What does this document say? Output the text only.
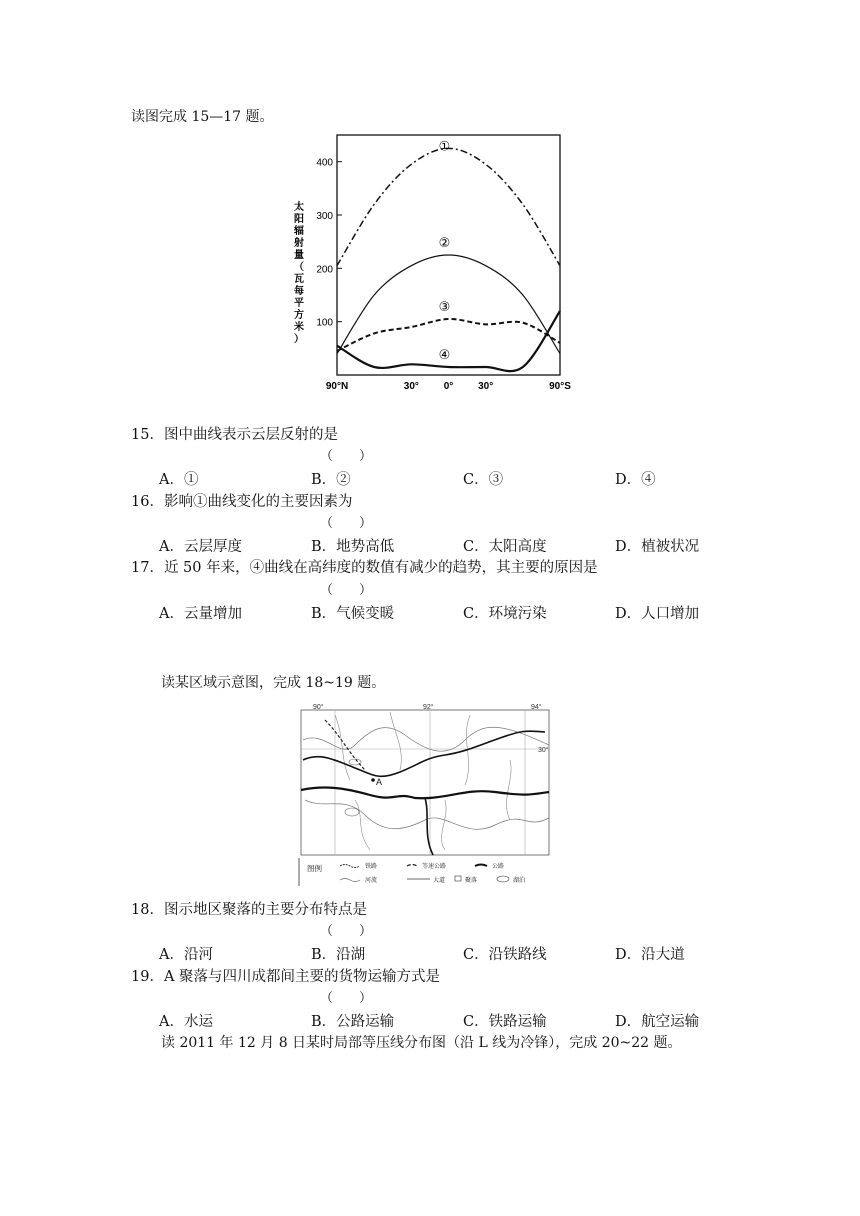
读图完成 15—17 题。
400
300
200
100
90°N	30° 0° 30°	90°S
①
②
③
④
太
阳
辐
射
量
（
瓦
每
平
方
米
）
15．图中曲线表示云层反射的是
（　　）
A．①	B．②	C．③	D．④
16．影响①曲线变化的主要因素为
（　　）
A．云层厚度	B．地势高低	C．太阳高度	D．植被状况
17．近 50 年来，④曲线在高纬度的数值有减少的趋势，其主要的原因是
（　　）
A．云量增加	B．气候变暖	C．环境污染	D．人口增加
读某区域示意图，完成 18~19 题。
90°	92°	94°
30°
A
图例	铁路	等速公路	公路
河流	大道	聚落	湖泊
18．图示地区聚落的主要分布特点是
（　　）
A．沿河	B．沿湖	C．沿铁路线	D．沿大道
19．A 聚落与四川成都间主要的货物运输方式是
（　　）
A．水运	B．公路运输	C．铁路运输	D．航空运输
读 2011 年 12 月 8 日某时局部等压线分布图（沿 L 线为冷锋），完成 20~22 题。
